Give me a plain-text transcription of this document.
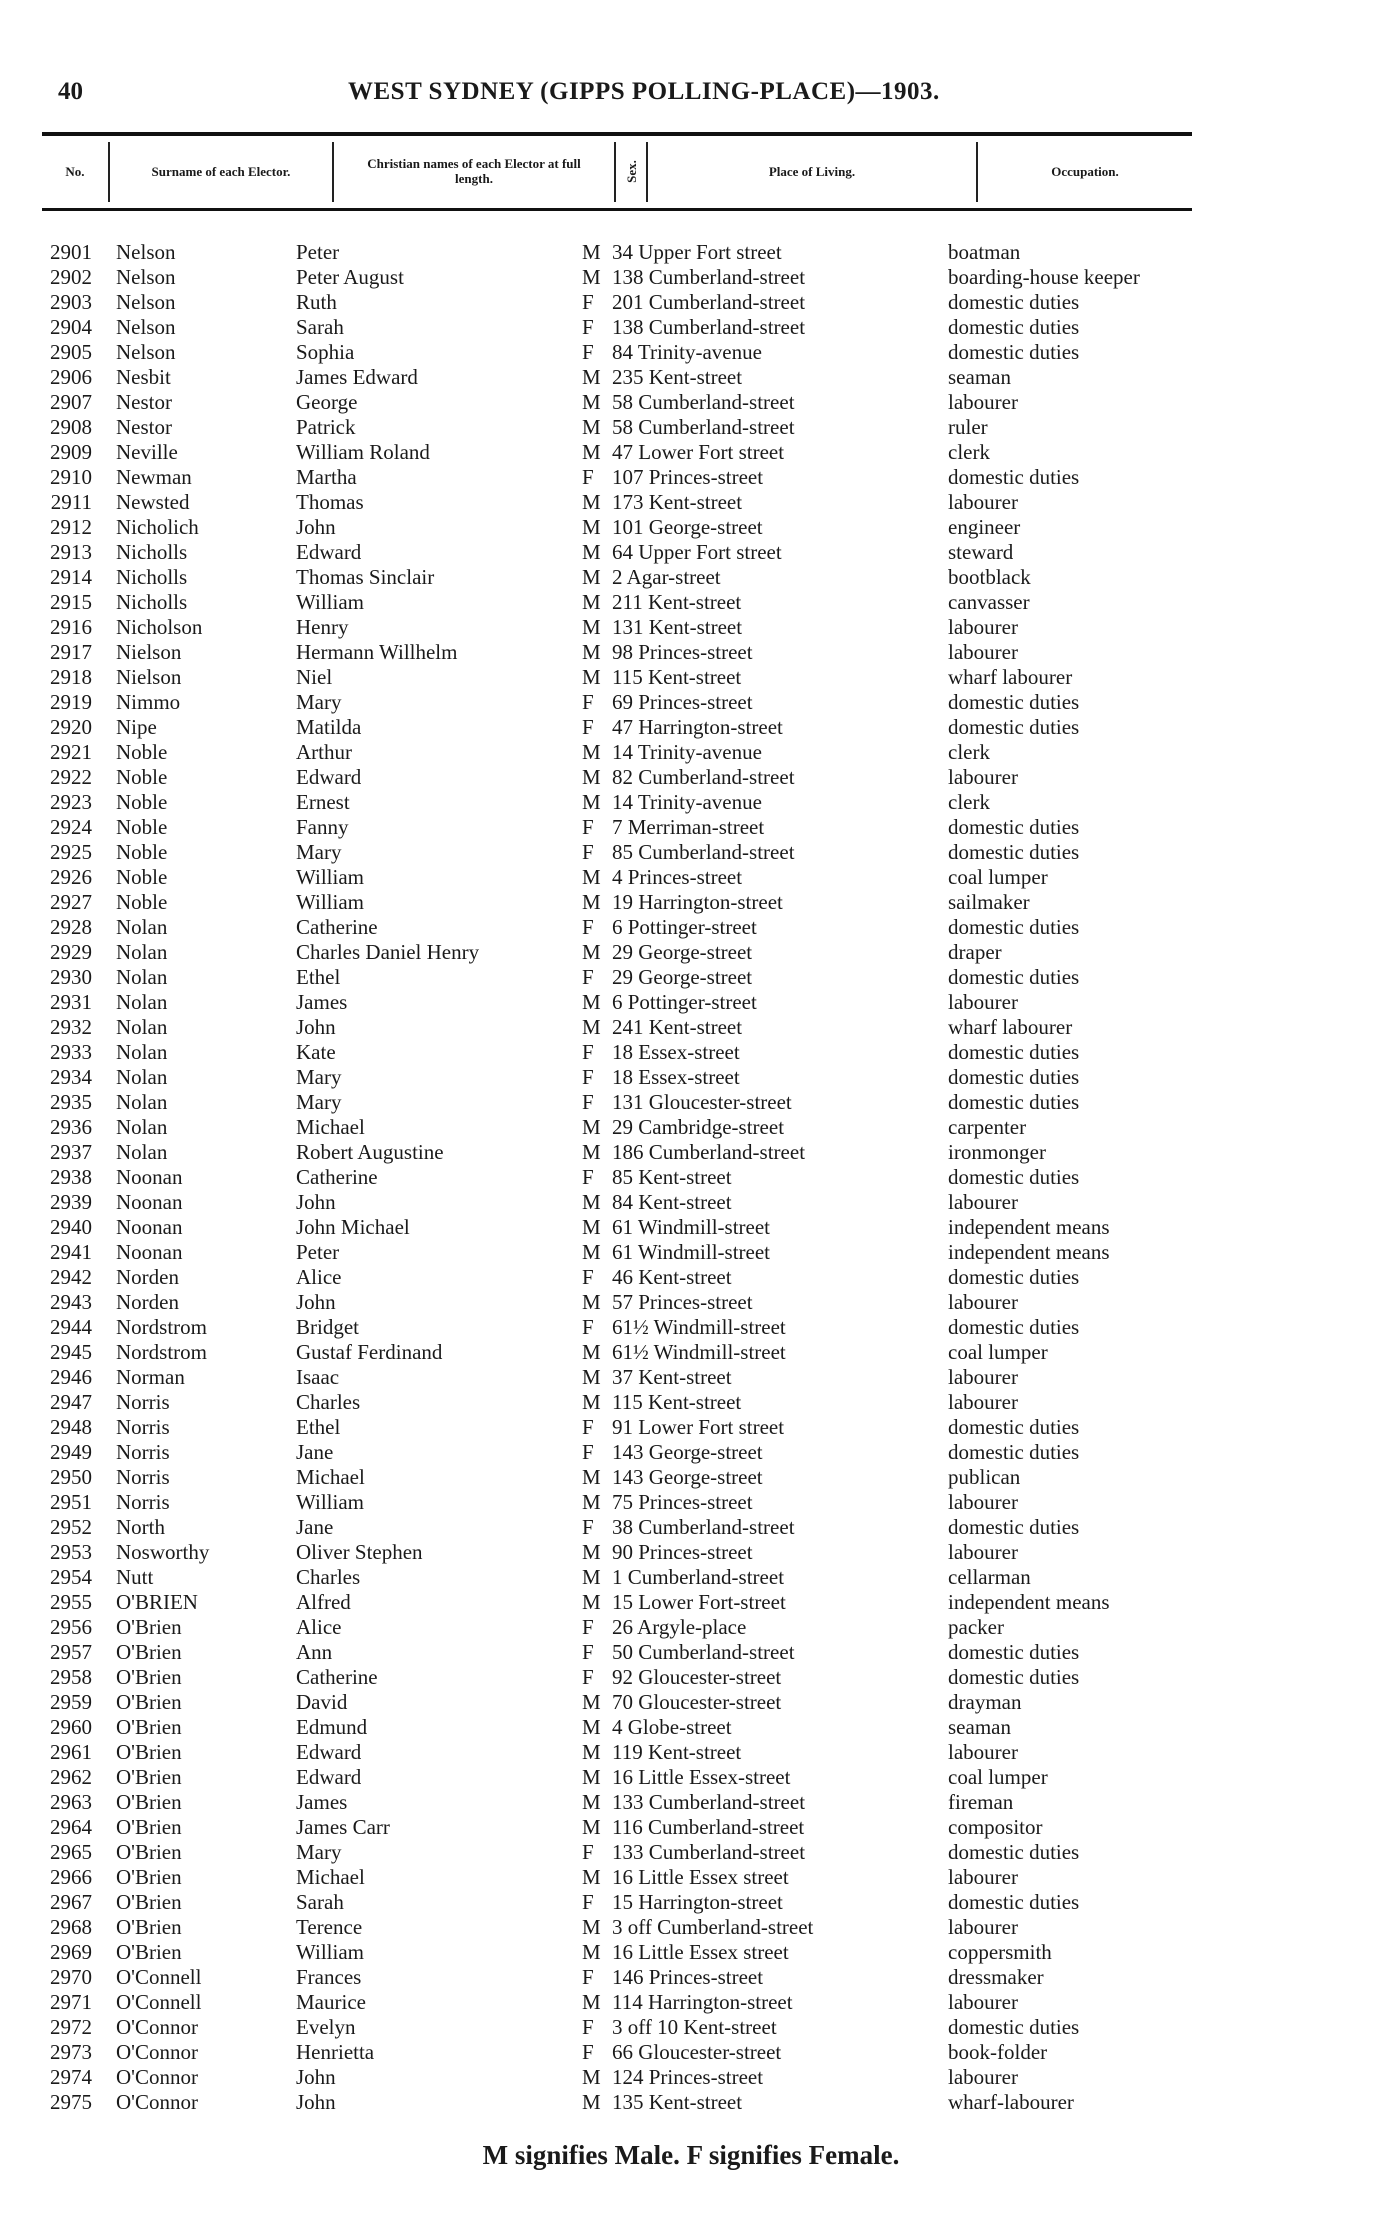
40	WEST SYDNEY (GIPPS POLLING-PLACE)—1903.
No.	Surname of each Elector.	Christian names of each Elector at full length.	Sex.	Place of Living.	Occupation.
2901 Nelson	Peter	M 34 Upper Fort street	boatman
2902 Nelson	Peter August	M 138 Cumberland-street	boarding-house keeper
2903 Nelson	Ruth	F 201 Cumberland-street	domestic duties
2904 Nelson	Sarah	F 138 Cumberland-street	domestic duties
2905 Nelson	Sophia	F 84 Trinity-avenue	domestic duties
2906 Nesbit	James Edward	M 235 Kent-street	seaman
2907 Nestor	George	M 58 Cumberland-street	labourer
2908 Nestor	Patrick	M 58 Cumberland-street	ruler
2909 Neville	William Roland	M 47 Lower Fort street	clerk
2910 Newman	Martha	F 107 Princes-street	domestic duties
2911 Newsted	Thomas	M 173 Kent-street	labourer
2912 Nicholich	John	M 101 George-street	engineer
2913 Nicholls	Edward	M 64 Upper Fort street	steward
2914 Nicholls	Thomas Sinclair	M 2 Agar-street	bootblack
2915 Nicholls	William	M 211 Kent-street	canvasser
2916 Nicholson	Henry	M 131 Kent-street	labourer
2917 Nielson	Hermann Willhelm	M 98 Princes-street	labourer
2918 Nielson	Niel	M 115 Kent-street	wharf labourer
2919 Nimmo	Mary	F 69 Princes-street	domestic duties
2920 Nipe	Matilda	F 47 Harrington-street	domestic duties
2921 Noble	Arthur	M 14 Trinity-avenue	clerk
2922 Noble	Edward	M 82 Cumberland-street	labourer
2923 Noble	Ernest	M 14 Trinity-avenue	clerk
2924 Noble	Fanny	F 7 Merriman-street	domestic duties
2925 Noble	Mary	F 85 Cumberland-street	domestic duties
2926 Noble	William	M 4 Princes-street	coal lumper
2927 Noble	William	M 19 Harrington-street	sailmaker
2928 Nolan	Catherine	F 6 Pottinger-street	domestic duties
2929 Nolan	Charles Daniel Henry	M 29 George-street	draper
2930 Nolan	Ethel	F 29 George-street	domestic duties
2931 Nolan	James	M 6 Pottinger-street	labourer
2932 Nolan	John	M 241 Kent-street	wharf labourer
2933 Nolan	Kate	F 18 Essex-street	domestic duties
2934 Nolan	Mary	F 18 Essex-street	domestic duties
2935 Nolan	Mary	F 131 Gloucester-street	domestic duties
2936 Nolan	Michael	M 29 Cambridge-street	carpenter
2937 Nolan	Robert Augustine	M 186 Cumberland-street	ironmonger
2938 Noonan	Catherine	F 85 Kent-street	domestic duties
2939 Noonan	John	M 84 Kent-street	labourer
2940 Noonan	John Michael	M 61 Windmill-street	independent means
2941 Noonan	Peter	M 61 Windmill-street	independent means
2942 Norden	Alice	F 46 Kent-street	domestic duties
2943 Norden	John	M 57 Princes-street	labourer
2944 Nordstrom	Bridget	F 61½ Windmill-street	domestic duties
2945 Nordstrom	Gustaf Ferdinand	M 61½ Windmill-street	coal lumper
2946 Norman	Isaac	M 37 Kent-street	labourer
2947 Norris	Charles	M 115 Kent-street	labourer
2948 Norris	Ethel	F 91 Lower Fort street	domestic duties
2949 Norris	Jane	F 143 George-street	domestic duties
2950 Norris	Michael	M 143 George-street	publican
2951 Norris	William	M 75 Princes-street	labourer
2952 North	Jane	F 38 Cumberland-street	domestic duties
2953 Nosworthy	Oliver Stephen	M 90 Princes-street	labourer
2954 Nutt	Charles	M 1 Cumberland-street	cellarman
2955 O'BRIEN	Alfred	M 15 Lower Fort-street	independent means
2956 O'Brien	Alice	F 26 Argyle-place	packer
2957 O'Brien	Ann	F 50 Cumberland-street	domestic duties
2958 O'Brien	Catherine	F 92 Gloucester-street	domestic duties
2959 O'Brien	David	M 70 Gloucester-street	drayman
2960 O'Brien	Edmund	M 4 Globe-street	seaman
2961 O'Brien	Edward	M 119 Kent-street	labourer
2962 O'Brien	Edward	M 16 Little Essex-street	coal lumper
2963 O'Brien	James	M 133 Cumberland-street	fireman
2964 O'Brien	James Carr	M 116 Cumberland-street	compositor
2965 O'Brien	Mary	F 133 Cumberland-street	domestic duties
2966 O'Brien	Michael	M 16 Little Essex street	labourer
2967 O'Brien	Sarah	F 15 Harrington-street	domestic duties
2968 O'Brien	Terence	M 3 off Cumberland-street	labourer
2969 O'Brien	William	M 16 Little Essex street	coppersmith
2970 O'Connell	Frances	F 146 Princes-street	dressmaker
2971 O'Connell	Maurice	M 114 Harrington-street	labourer
2972 O'Connor	Evelyn	F 3 off 10 Kent-street	domestic duties
2973 O'Connor	Henrietta	F 66 Gloucester-street	book-folder
2974 O'Connor	John	M 124 Princes-street	labourer
2975 O'Connor	John	M 135 Kent-street	wharf-labourer
M signifies Male. F signifies Female.
